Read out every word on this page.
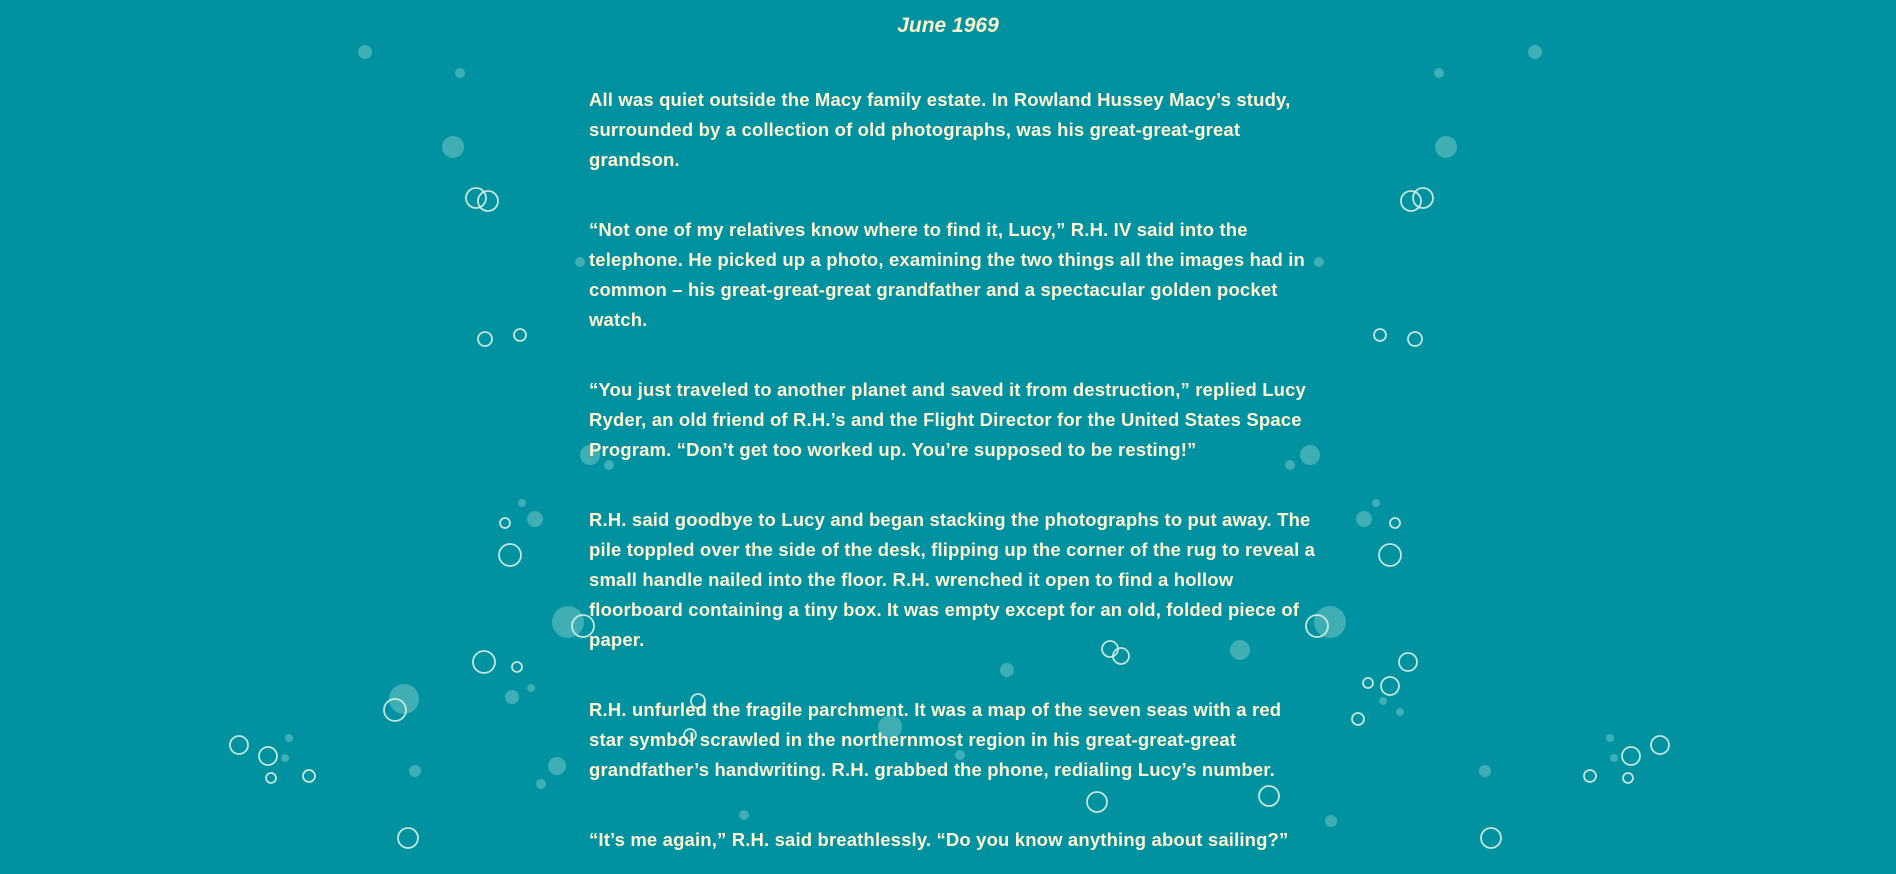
June 1969

All was quiet outside the Macy family estate. In Rowland Hussey Macy’s study, surrounded by a collection of old photographs, was his great-great-great grandson.

“Not one of my relatives know where to find it, Lucy,” R.H. IV said into the telephone. He picked up a photo, examining the two things all the images had in common – his great-great-great grandfather and a spectacular golden pocket watch.

“You just traveled to another planet and saved it from destruction,” replied Lucy Ryder, an old friend of R.H.’s and the Flight Director for the United States Space Program. “Don’t get too worked up. You’re supposed to be resting!”

R.H. said goodbye to Lucy and began stacking the photographs to put away. The pile toppled over the side of the desk, flipping up the corner of the rug to reveal a small handle nailed into the floor. R.H. wrenched it open to find a hollow floorboard containing a tiny box. It was empty except for an old, folded piece of paper.

R.H. unfurled the fragile parchment. It was a map of the seven seas with a red star symbol scrawled in the northernmost region in his great-great-great grandfather’s handwriting. R.H. grabbed the phone, redialing Lucy’s number.

“It’s me again,” R.H. said breathlessly. “Do you know anything about sailing?”
